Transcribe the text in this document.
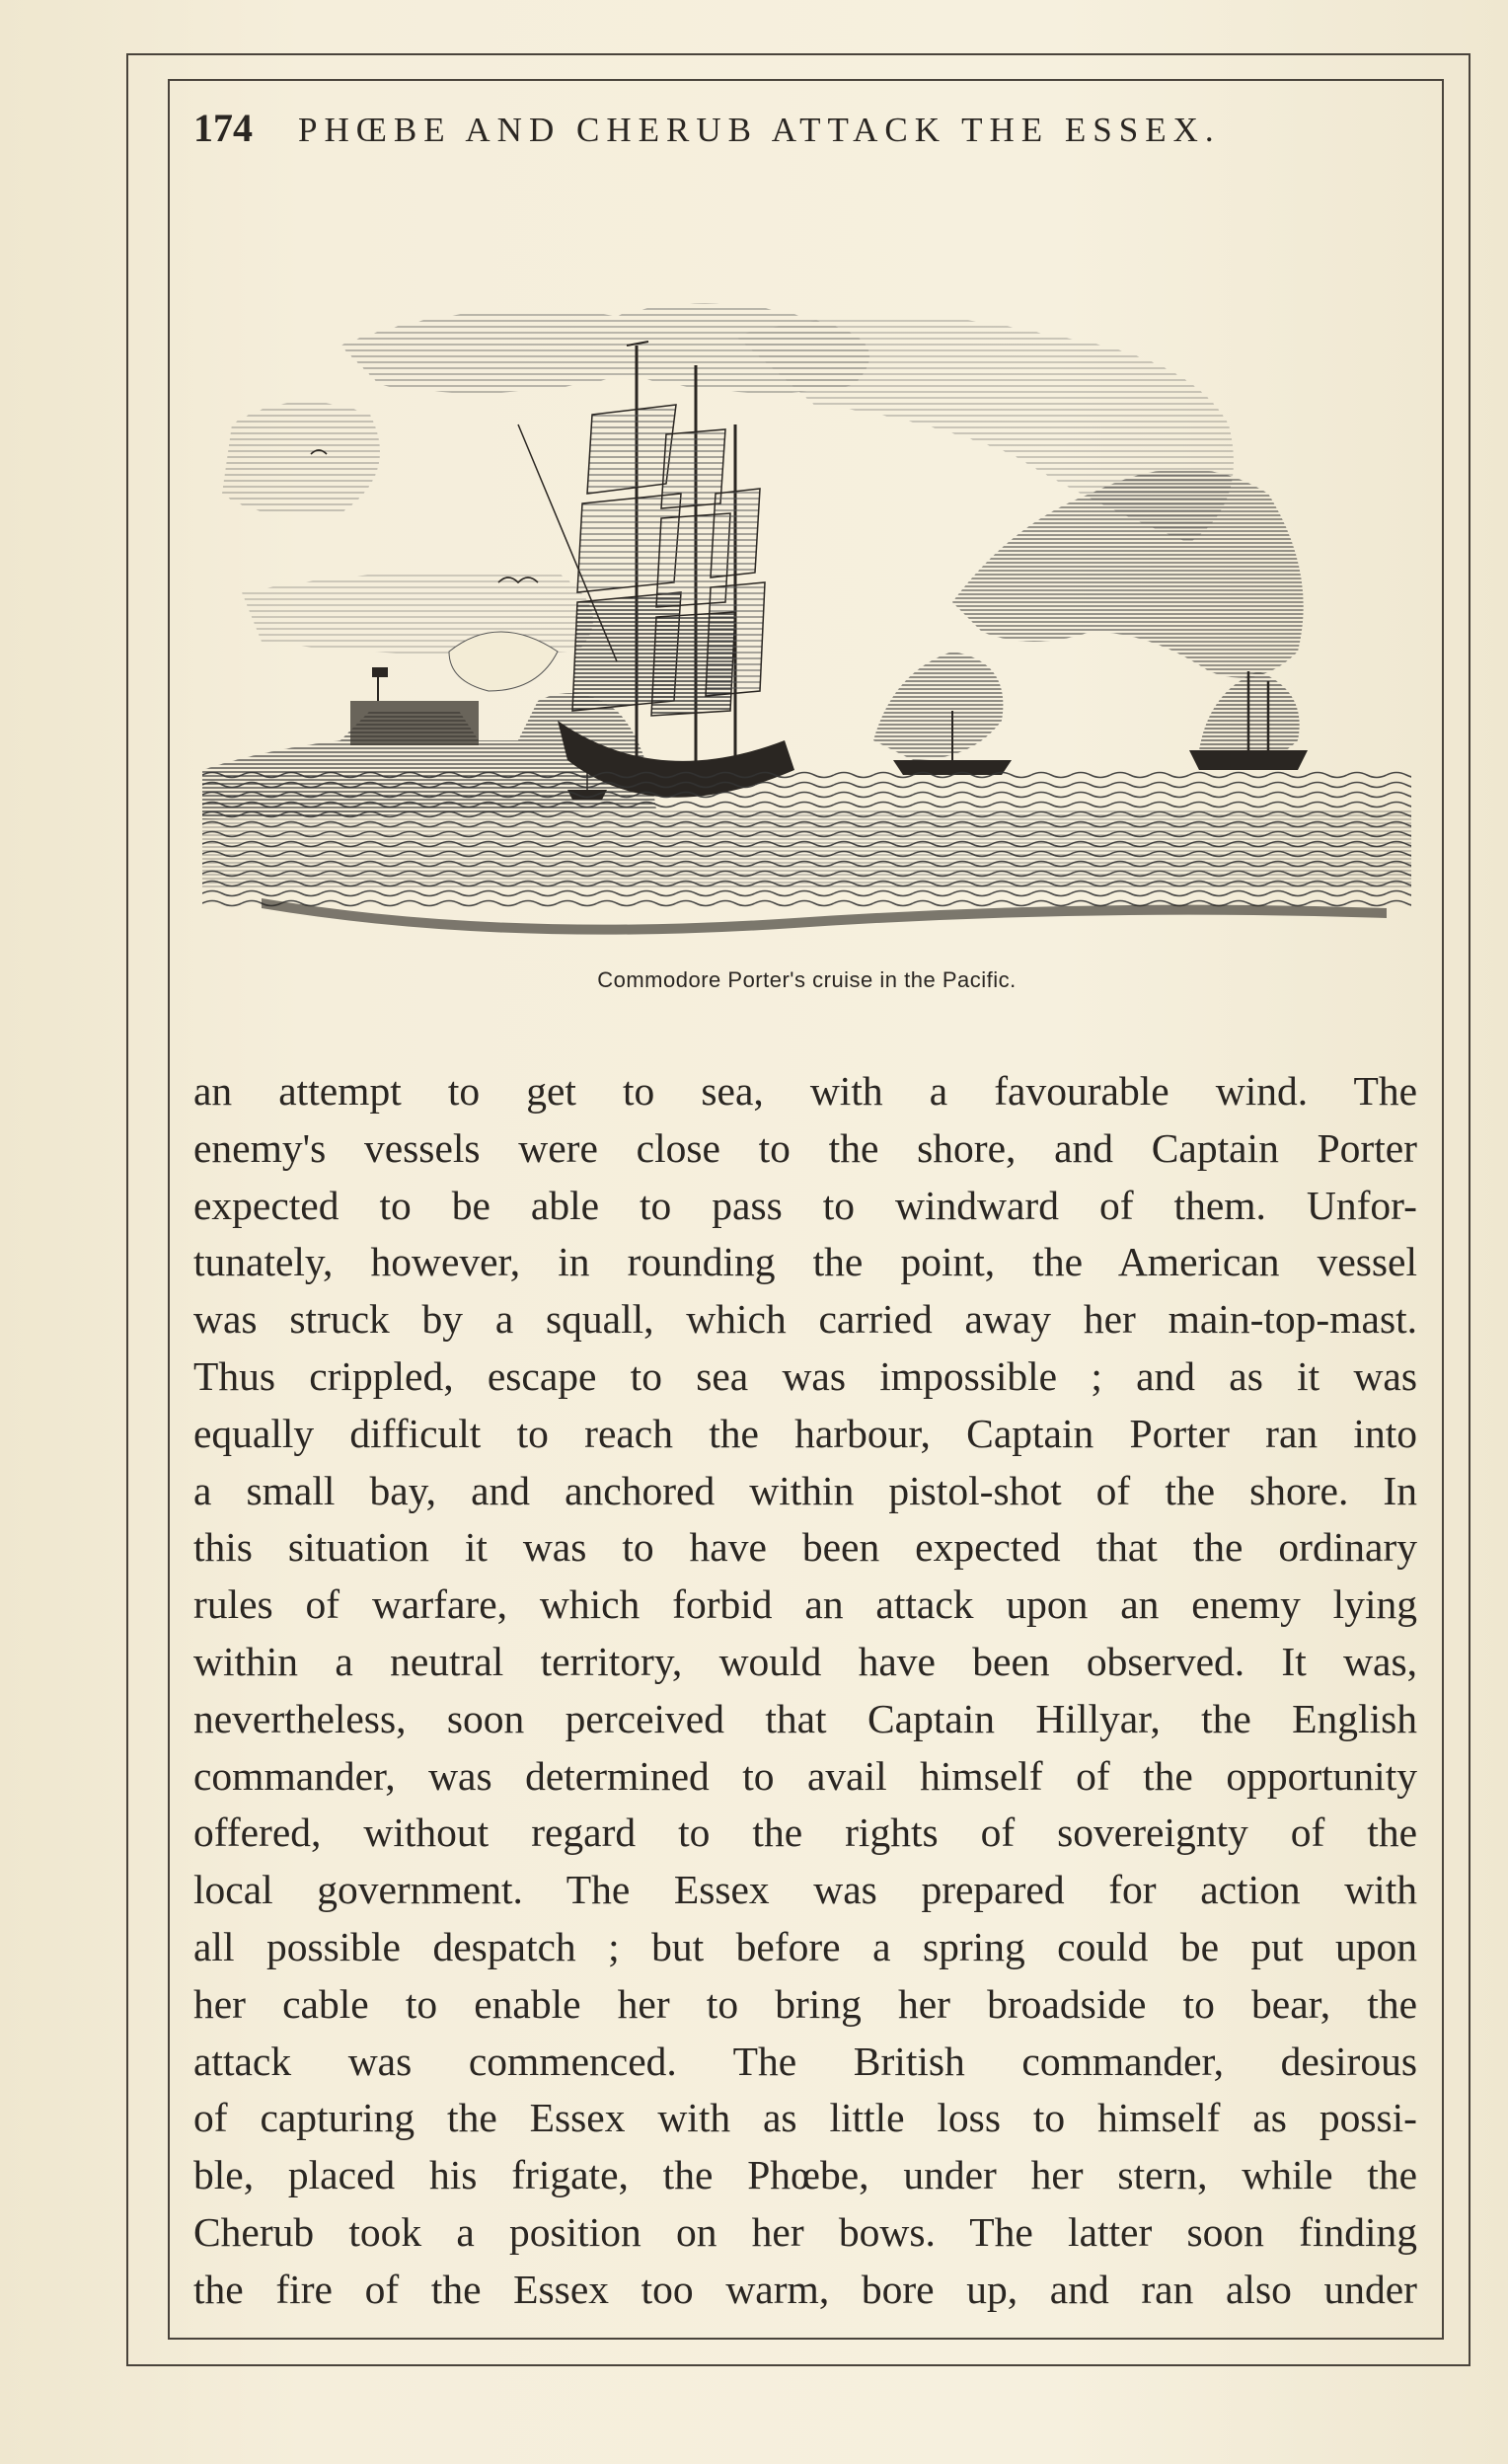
174 PHŒBE AND CHERUB ATTACK THE ESSEX.
Commodore Porter's cruise in the Pacific.
an attempt to get to sea, with a favourable wind. The
enemy's vessels were close to the shore, and Captain Porter
expected to be able to pass to windward of them. Unfor-
tunately, however, in rounding the point, the American vessel
was struck by a squall, which carried away her main-top-mast.
Thus crippled, escape to sea was impossible ; and as it was
equally difficult to reach the harbour, Captain Porter ran into
a small bay, and anchored within pistol-shot of the shore. In
this situation it was to have been expected that the ordinary
rules of warfare, which forbid an attack upon an enemy lying
within a neutral territory, would have been observed. It was,
nevertheless, soon perceived that Captain Hillyar, the English
commander, was determined to avail himself of the opportunity
offered, without regard to the rights of sovereignty of the
local government. The Essex was prepared for action with
all possible despatch ; but before a spring could be put upon
her cable to enable her to bring her broadside to bear, the
attack was commenced. The British commander, desirous
of capturing the Essex with as little loss to himself as possi-
ble, placed his frigate, the Phœbe, under her stern, while the
Cherub took a position on her bows. The latter soon finding
the fire of the Essex too warm, bore up, and ran also under
